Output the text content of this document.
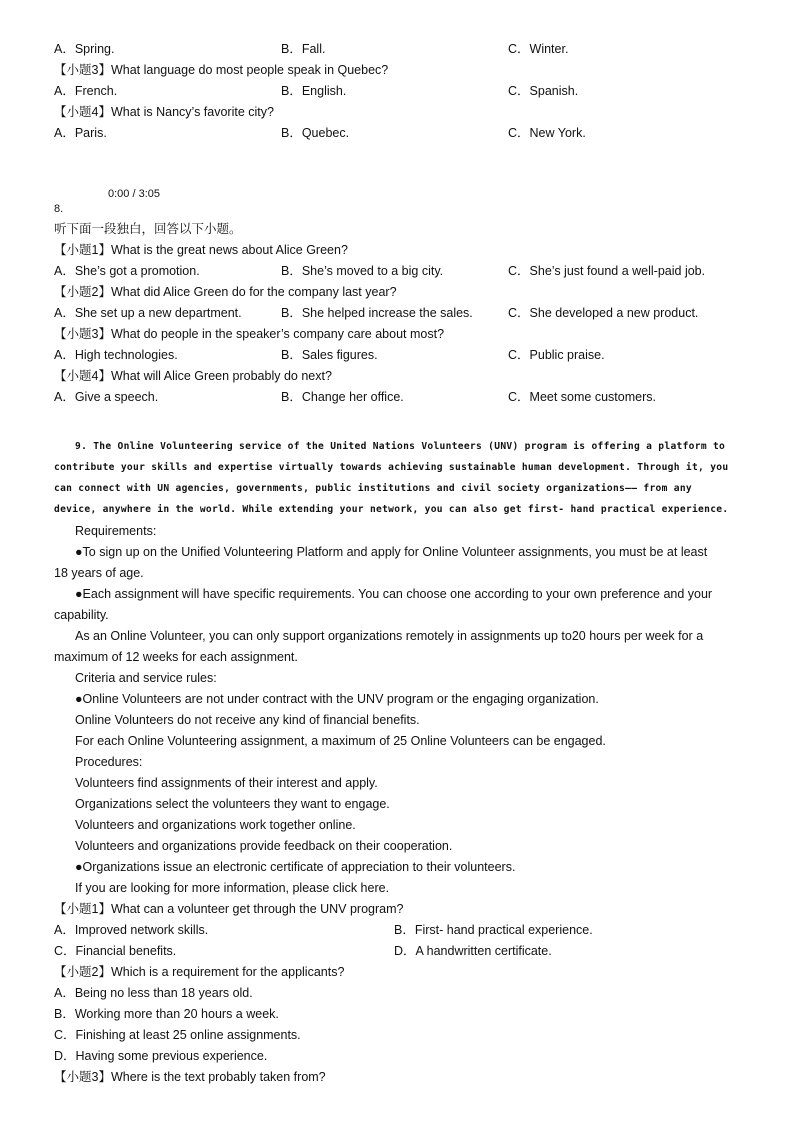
A．Spring.	B．Fall.	C．Winter.
【小题3】What language do most people speak in Quebec?
A．French.	B．English.	C．Spanish.
【小题4】What is Nancy’s favorite city?
A．Paris.	B．Quebec.	C．New York.
0:00 / 3:05
8.
听下面一段独白，回答以下小题。
【小题1】What is the great news about Alice Green?
A．She’s got a promotion.	B．She’s moved to a big city.	C．She’s just found a well-paid job.
【小题2】What did Alice Green do for the company last year?
A．She set up a new department.	B．She helped increase the sales.	C．She developed a new product.
【小题3】What do people in the speaker’s company care about most?
A．High technologies.	B．Sales figures.	C．Public praise.
【小题4】What will Alice Green probably do next?
A．Give a speech.	B．Change her office.	C．Meet some customers.
9. The Online Volunteering service of the United Nations Volunteers (UNV) program is offering a platform to
contribute your skills and expertise virtually towards achieving sustainable human development. Through it, you
can connect with UN agencies, governments, public institutions and civil society organizations—— from any
device, anywhere in the world. While extending your network, you can also get first- hand practical experience.
Requirements:
●To sign up on the Unified Volunteering Platform and apply for Online Volunteer assignments, you must be at least
18 years of age.
●Each assignment will have specific requirements. You can choose one according to your own preference and your
capability.
As an Online Volunteer, you can only support organizations remotely in assignments up to20 hours per week for a
maximum of 12 weeks for each assignment.
Criteria and service rules:
●Online Volunteers are not under contract with the UNV program or the engaging organization.
Online Volunteers do not receive any kind of financial benefits.
For each Online Volunteering assignment, a maximum of 25 Online Volunteers can be engaged.
Procedures:
Volunteers find assignments of their interest and apply.
Organizations select the volunteers they want to engage.
Volunteers and organizations work together online.
Volunteers and organizations provide feedback on their cooperation.
●Organizations issue an electronic certificate of appreciation to their volunteers.
If you are looking for more information, please click here.
【小题1】What can a volunteer get through the UNV program?
A．Improved network skills.	B．First- hand practical experience.
C．Financial benefits.	D．A handwritten certificate.
【小题2】Which is a requirement for the applicants?
A．Being no less than 18 years old.
B．Working more than 20 hours a week.
C．Finishing at least 25 online assignments.
D．Having some previous experience.
【小题3】Where is the text probably taken from?
